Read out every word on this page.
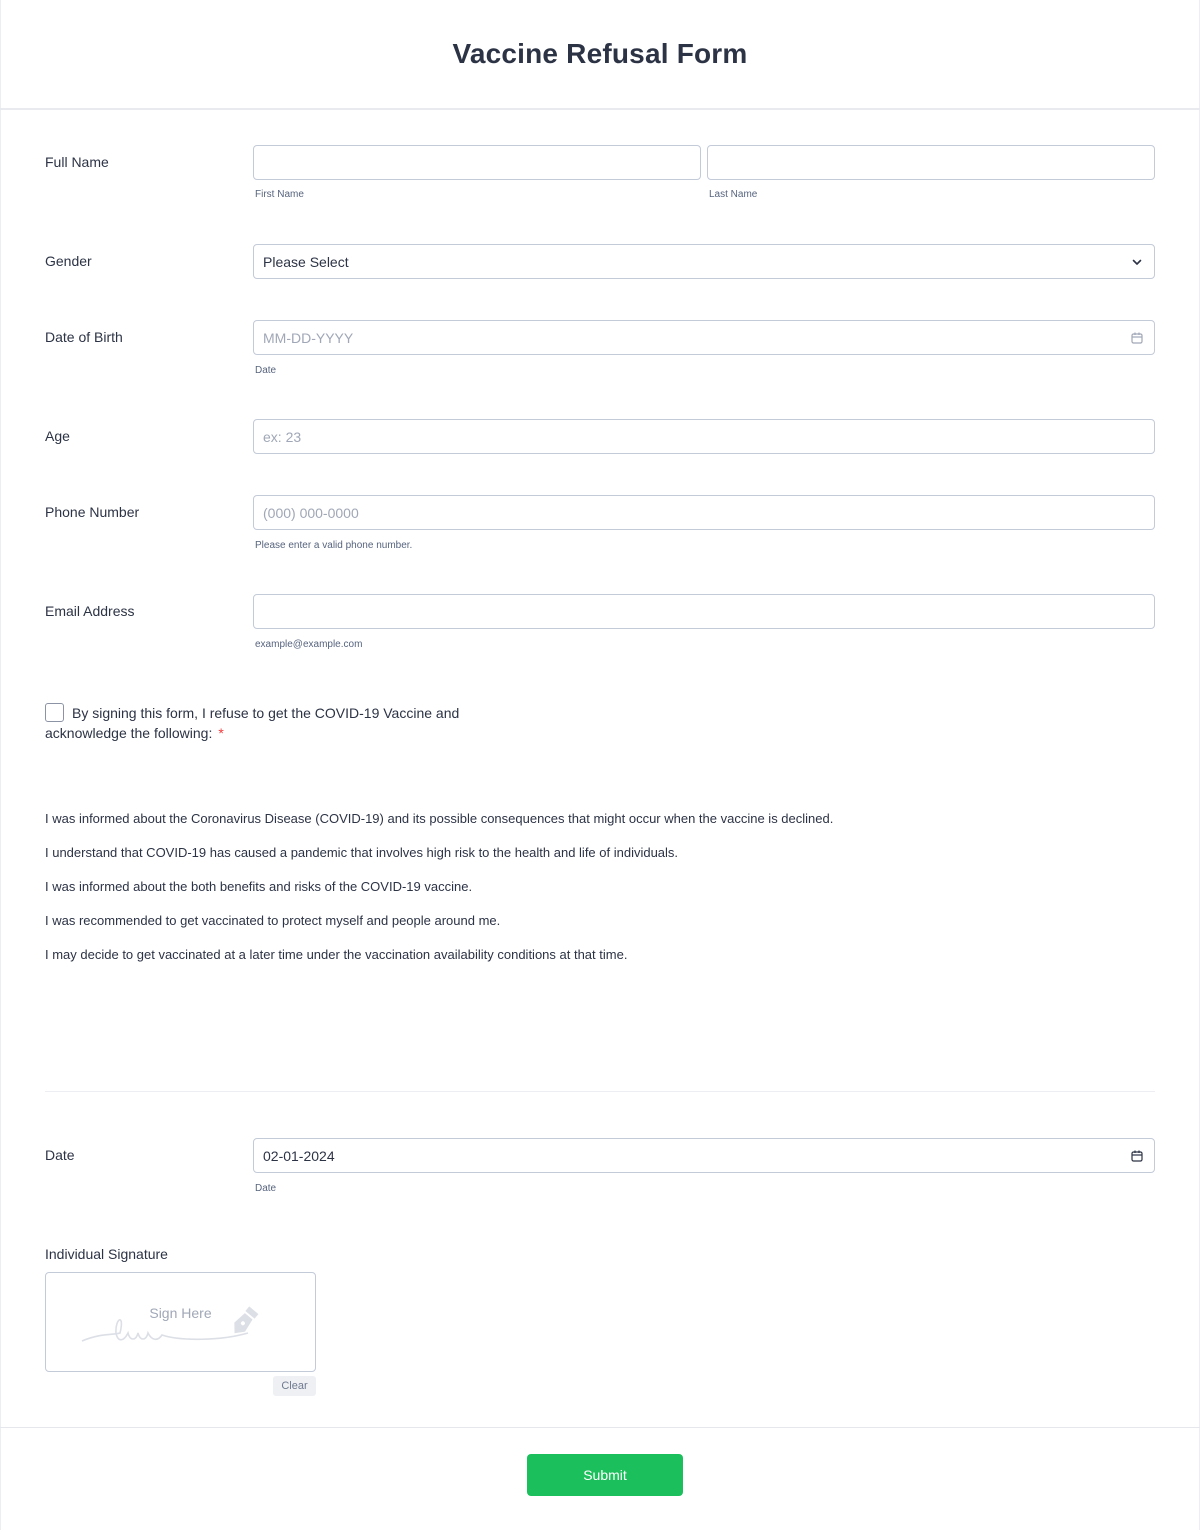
Vaccine Refusal Form
Full Name
First Name	Last Name
Gender	Please Select
Date of Birth	MM-DD-YYYY
Date
Age	ex: 23
Phone Number	(000) 000-0000
Please enter a valid phone number.
Email Address
example@example.com
By signing this form, I refuse to get the COVID-19 Vaccine and acknowledge the following: *

I was informed about the Coronavirus Disease (COVID-19) and its possible consequences that might occur when the vaccine is declined.

I understand that COVID-19 has caused a pandemic that involves high risk to the health and life of individuals.

I was informed about the both benefits and risks of the COVID-19 vaccine.

I was recommended to get vaccinated to protect myself and people around me.

I may decide to get vaccinated at a later time under the vaccination availability conditions at that time.

Date	02-01-2024
Date
Individual Signature
Sign Here
Clear
Submit
